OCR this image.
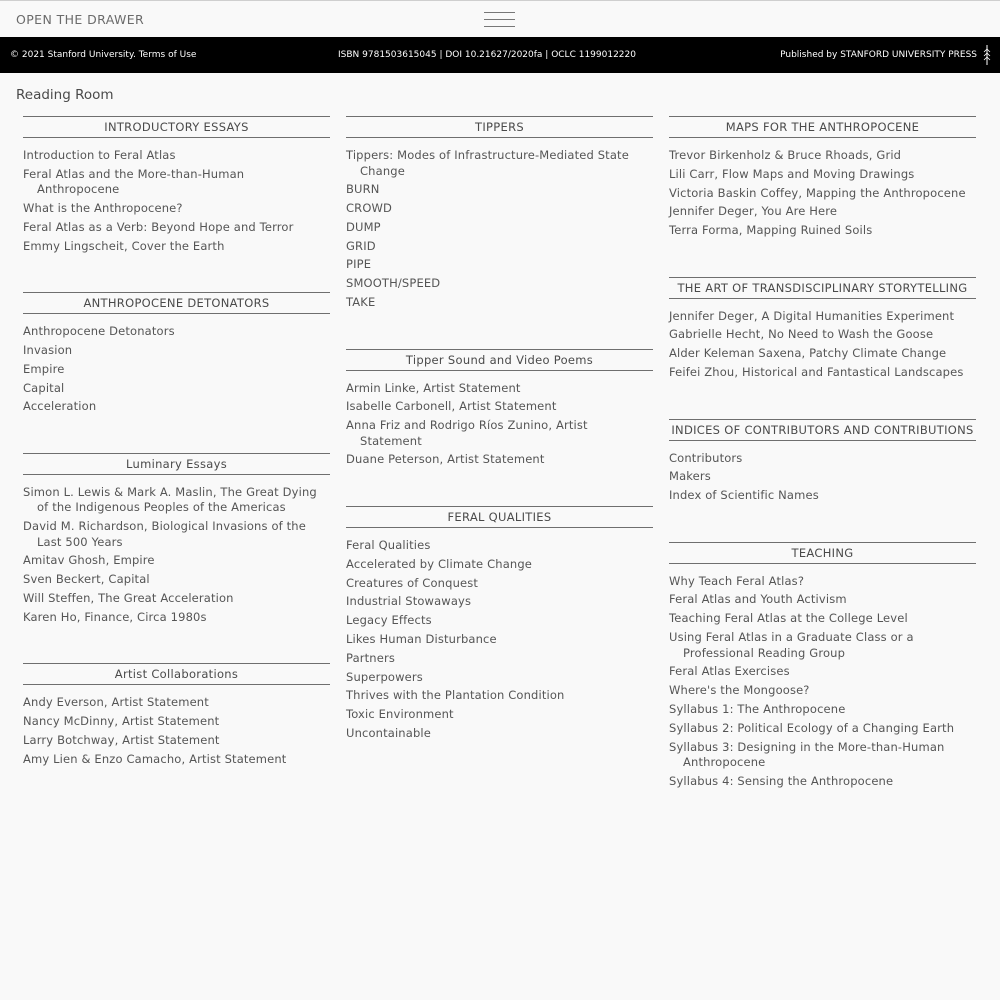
OPEN THE DRAWER
© 2021 Stanford University. Terms of Use	ISBN 9781503615045 | DOI 10.21627/2020fa | OCLC 1199012220	Published by STANFORD UNIVERSITY PRESS
Reading Room
INTRODUCTORY ESSAYS
Introduction to Feral Atlas
Feral Atlas and the More-than-Human Anthropocene
What is the Anthropocene?
Feral Atlas as a Verb: Beyond Hope and Terror
Emmy Lingscheit, Cover the Earth
ANTHROPOCENE DETONATORS
Anthropocene Detonators
Invasion
Empire
Capital
Acceleration
Luminary Essays
Simon L. Lewis & Mark A. Maslin, The Great Dying of the Indigenous Peoples of the Americas
David M. Richardson, Biological Invasions of the Last 500 Years
Amitav Ghosh, Empire
Sven Beckert, Capital
Will Steffen, The Great Acceleration
Karen Ho, Finance, Circa 1980s
Artist Collaborations
Andy Everson, Artist Statement
Nancy McDinny, Artist Statement
Larry Botchway, Artist Statement
Amy Lien & Enzo Camacho, Artist Statement
TIPPERS
Tippers: Modes of Infrastructure-Mediated State Change
BURN
CROWD
DUMP
GRID
PIPE
SMOOTH/SPEED
TAKE
Tipper Sound and Video Poems
Armin Linke, Artist Statement
Isabelle Carbonell, Artist Statement
Anna Friz and Rodrigo Ríos Zunino, Artist Statement
Duane Peterson, Artist Statement
FERAL QUALITIES
Feral Qualities
Accelerated by Climate Change
Creatures of Conquest
Industrial Stowaways
Legacy Effects
Likes Human Disturbance
Partners
Superpowers
Thrives with the Plantation Condition
Toxic Environment
Uncontainable
MAPS FOR THE ANTHROPOCENE
Trevor Birkenholz & Bruce Rhoads, Grid
Lili Carr, Flow Maps and Moving Drawings
Victoria Baskin Coffey, Mapping the Anthropocene
Jennifer Deger, You Are Here
Terra Forma, Mapping Ruined Soils
THE ART OF TRANSDISCIPLINARY STORYTELLING
Jennifer Deger, A Digital Humanities Experiment
Gabrielle Hecht, No Need to Wash the Goose
Alder Keleman Saxena, Patchy Climate Change
Feifei Zhou, Historical and Fantastical Landscapes
INDICES OF CONTRIBUTORS AND CONTRIBUTIONS
Contributors
Makers
Index of Scientific Names
TEACHING
Why Teach Feral Atlas?
Feral Atlas and Youth Activism
Teaching Feral Atlas at the College Level
Using Feral Atlas in a Graduate Class or a Professional Reading Group
Feral Atlas Exercises
Where's the Mongoose?
Syllabus 1: The Anthropocene
Syllabus 2: Political Ecology of a Changing Earth
Syllabus 3: Designing in the More-than-Human Anthropocene
Syllabus 4: Sensing the Anthropocene
